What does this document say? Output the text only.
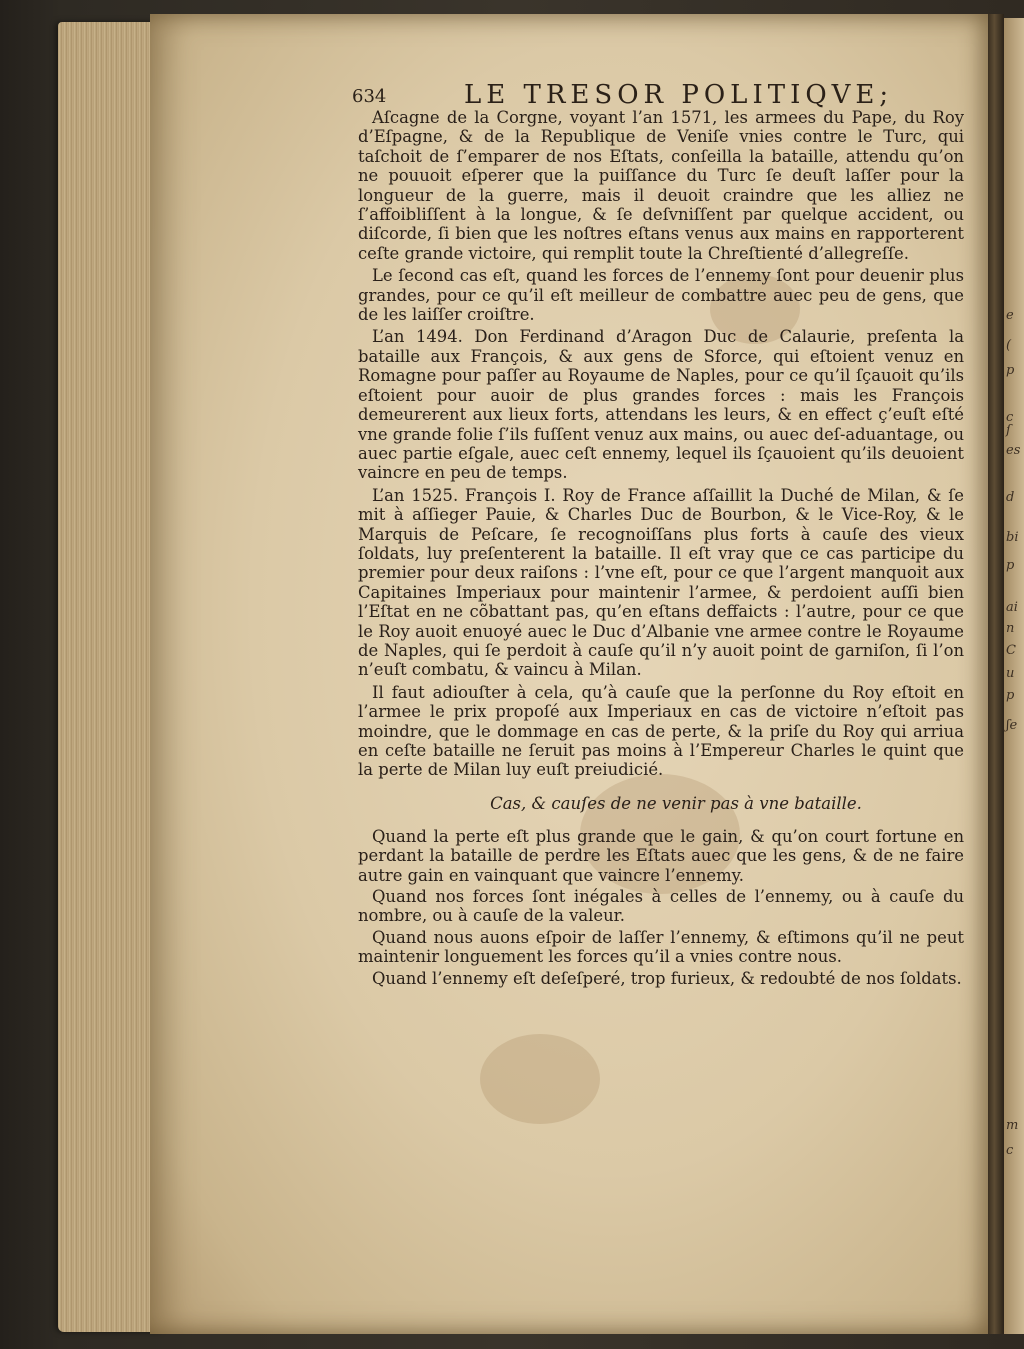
e
(
p
c
ſ
es
d
bi
p
ai
n
C
u
p
ʃe
m
c
634	LE TRESOR POLITIQVE;

Aſcagne de la Corgne, voyant l’an 1571, les armees du Pape, du Roy d’Eſpagne, & de la Republique de Veniſe vnies contre le Turc, qui taſchoit de ſ’emparer de nos Eſtats, conſeilla la bataille, attendu qu’on ne pouuoit eſperer que la puiſſance du Turc ſe deuſt laſſer pour la longueur de la guerre, mais il deuoit craindre que les alliez ne ſ’affoibliſſent à la longue, & ſe deſvniſſent par quelque accident, ou diſcorde, ſi bien que les noſtres eſtans venus aux mains en rapporterent ceſte grande victoire, qui remplit toute la Chreſtienté d’allegreſſe.

Le ſecond cas eſt, quand les forces de l’ennemy ſont pour deuenir plus grandes, pour ce qu’il eſt meilleur de combattre auec peu de gens, que de les laiſſer croiſtre.

L’an 1494. Don Ferdinand d’Aragon Duc de Calaurie, preſenta la bataille aux François, & aux gens de Sforce, qui eſtoient venuz en Romagne pour paſſer au Royaume de Naples, pour ce qu’il ſçauoit qu’ils eſtoient pour auoir de plus grandes forces : mais les François demeurerent aux lieux forts, attendans les leurs, & en effect ç’euſt eſté vne grande folie ſ’ils fuſſent venuz aux mains, ou auec deſ-aduantage, ou auec partie eſgale, auec ceſt ennemy, lequel ils ſçauoient qu’ils deuoient vaincre en peu de temps.

L’an 1525. François I. Roy de France aſſaillit la Duché de Milan, & ſe mit à aſſieger Pauie, & Charles Duc de Bourbon, & le Vice-Roy, & le Marquis de Peſcare, ſe recognoiſſans plus forts à cauſe des vieux ſoldats, luy preſenterent la bataille. Il eſt vray que ce cas participe du premier pour deux raiſons : l’vne eſt, pour ce que l’argent manquoit aux Capitaines Imperiaux pour maintenir l’armee, & perdoient auſſi bien l’Eſtat en ne cõbattant pas, qu’en eſtans deffaicts : l’autre, pour ce que le Roy auoit enuoyé auec le Duc d’Albanie vne armee contre le Royaume de Naples, qui ſe perdoit à cauſe qu’il n’y auoit point de garniſon, ſi l’on n’euſt combatu, & vaincu à Milan.

Il faut adiouſter à cela, qu’à cauſe que la perſonne du Roy eſtoit en l’armee le prix propoſé aux Imperiaux en cas de victoire n’eſtoit pas moindre, que le dommage en cas de perte, & la priſe du Roy qui arriua en ceſte bataille ne ſeruit pas moins à l’Empereur Charles le quint que la perte de Milan luy euſt preiudicié.

Cas, & cauſes de ne venir pas à vne bataille.

Quand la perte eſt plus grande que le gain, & qu’on court fortune en perdant la bataille de perdre les Eſtats auec que les gens, & de ne faire autre gain en vainquant que vaincre l’ennemy.

Quand nos forces ſont inégales à celles de l’ennemy, ou à cauſe du nombre, ou à cauſe de la valeur.

Quand nous auons eſpoir de laſſer l’ennemy, & eſtimons qu’il ne peut maintenir longuement les forces qu’il a vnies contre nous.

Quand l’ennemy eſt deſeſperé, trop furieux, & redoubté de nos ſoldats.
